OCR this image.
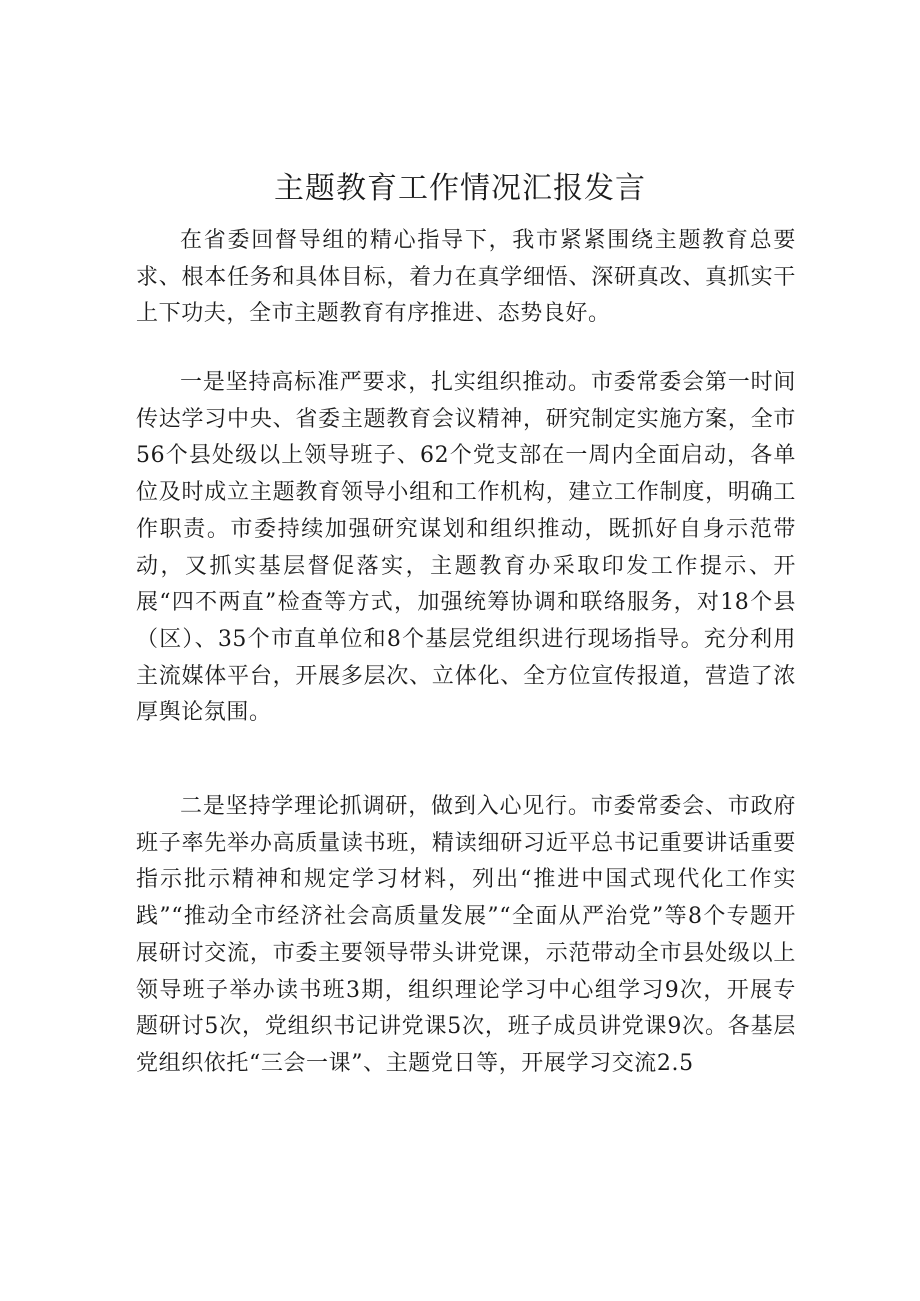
主题教育工作情况汇报发言

在省委回督导组的精心指导下，我市紧紧围绕主题教育总要求、根本任务和具体目标，着力在真学细悟、深研真改、真抓实干上下功夫，全市主题教育有序推进、态势良好。

一是坚持高标准严要求，扎实组织推动。市委常委会第一时间传达学习中央、省委主题教育会议精神，研究制定实施方案，全市56个县处级以上领导班子、62个党支部在一周内全面启动，各单位及时成立主题教育领导小组和工作机构，建立工作制度，明确工作职责。市委持续加强研究谋划和组织推动，既抓好自身示范带动，又抓实基层督促落实，主题教育办采取印发工作提示、开展“四不两直”检查等方式，加强统筹协调和联络服务，对18个县（区）、35个市直单位和8个基层党组织进行现场指导。充分利用主流媒体平台，开展多层次、立体化、全方位宣传报道，营造了浓厚舆论氛围。

二是坚持学理论抓调研，做到入心见行。市委常委会、市政府班子率先举办高质量读书班，精读细研习近平总书记重要讲话重要指示批示精神和规定学习材料，列出“推进中国式现代化工作实践”“推动全市经济社会高质量发展”“全面从严治党”等8个专题开展研讨交流，市委主要领导带头讲党课，示范带动全市县处级以上领导班子举办读书班3期，组织理论学习中心组学习9次，开展专题研讨5次，党组织书记讲党课5次，班子成员讲党课9次。各基层党组织依托“三会一课”、主题党日等，开展学习交流2.5
